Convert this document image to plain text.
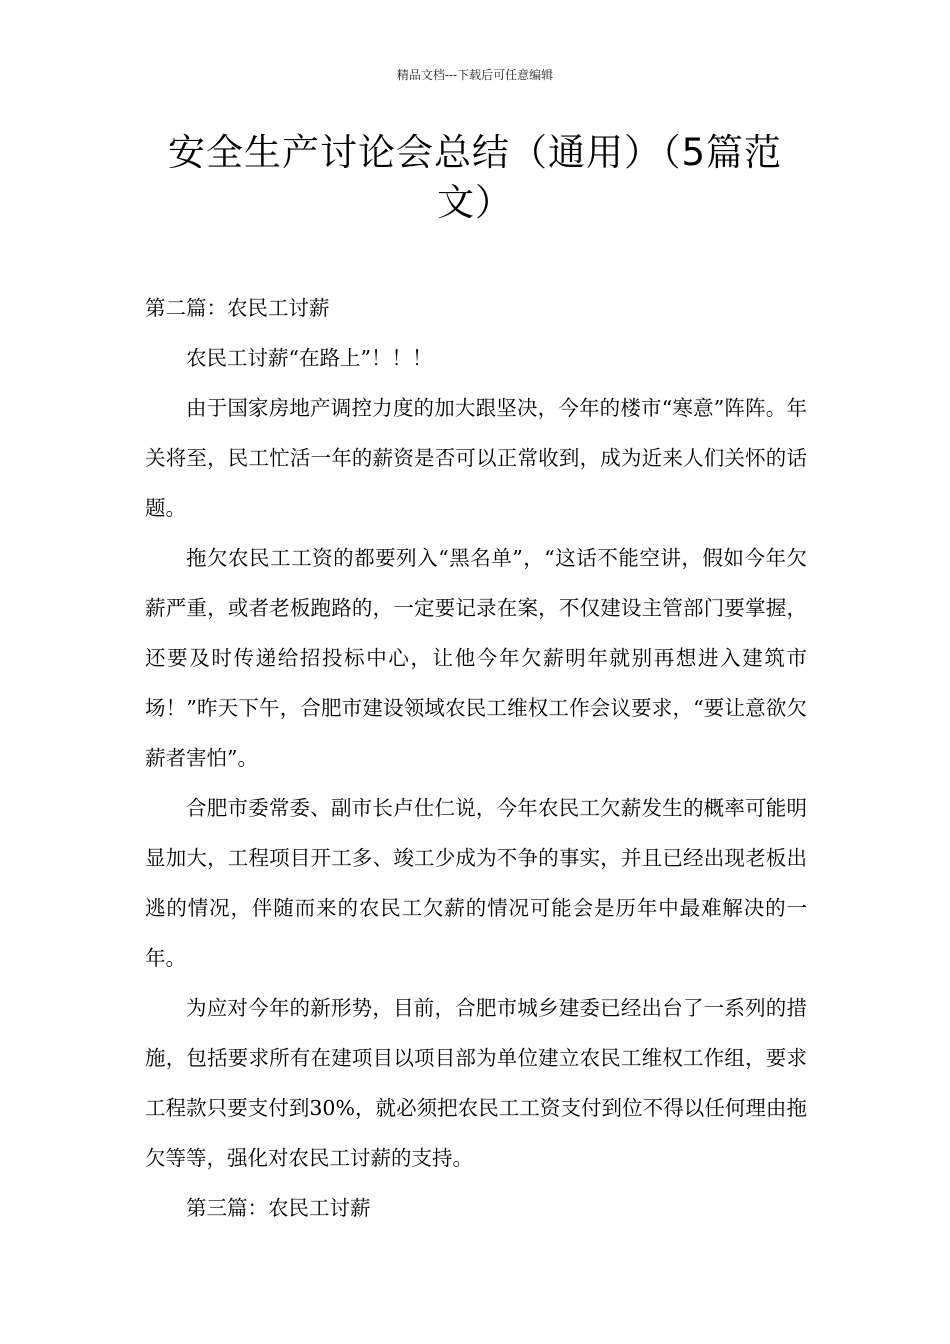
精品文档---下载后可任意编辑
安全生产讨论会总结（通用）（5篇范文）

第二篇：农民工讨薪

农民工讨薪“在路上”！！！

由于国家房地产调控力度的加大跟坚决，今年的楼市“寒意”阵阵。年关将至，民工忙活一年的薪资是否可以正常收到，成为近来人们关怀的话题。

拖欠农民工工资的都要列入“黑名单”，“这话不能空讲，假如今年欠薪严重，或者老板跑路的，一定要记录在案，不仅建设主管部门要掌握，还要及时传递给招投标中心，让他今年欠薪明年就别再想进入建筑市场！”昨天下午，合肥市建设领域农民工维权工作会议要求，“要让意欲欠薪者害怕”。

合肥市委常委、副市长卢仕仁说，今年农民工欠薪发生的概率可能明显加大，工程项目开工多、竣工少成为不争的事实，并且已经出现老板出逃的情况，伴随而来的农民工欠薪的情况可能会是历年中最难解决的一年。

为应对今年的新形势，目前，合肥市城乡建委已经出台了一系列的措施，包括要求所有在建项目以项目部为单位建立农民工维权工作组，要求工程款只要支付到30%，就必须把农民工工资支付到位不得以任何理由拖欠等等，强化对农民工讨薪的支持。

第三篇：农民工讨薪
